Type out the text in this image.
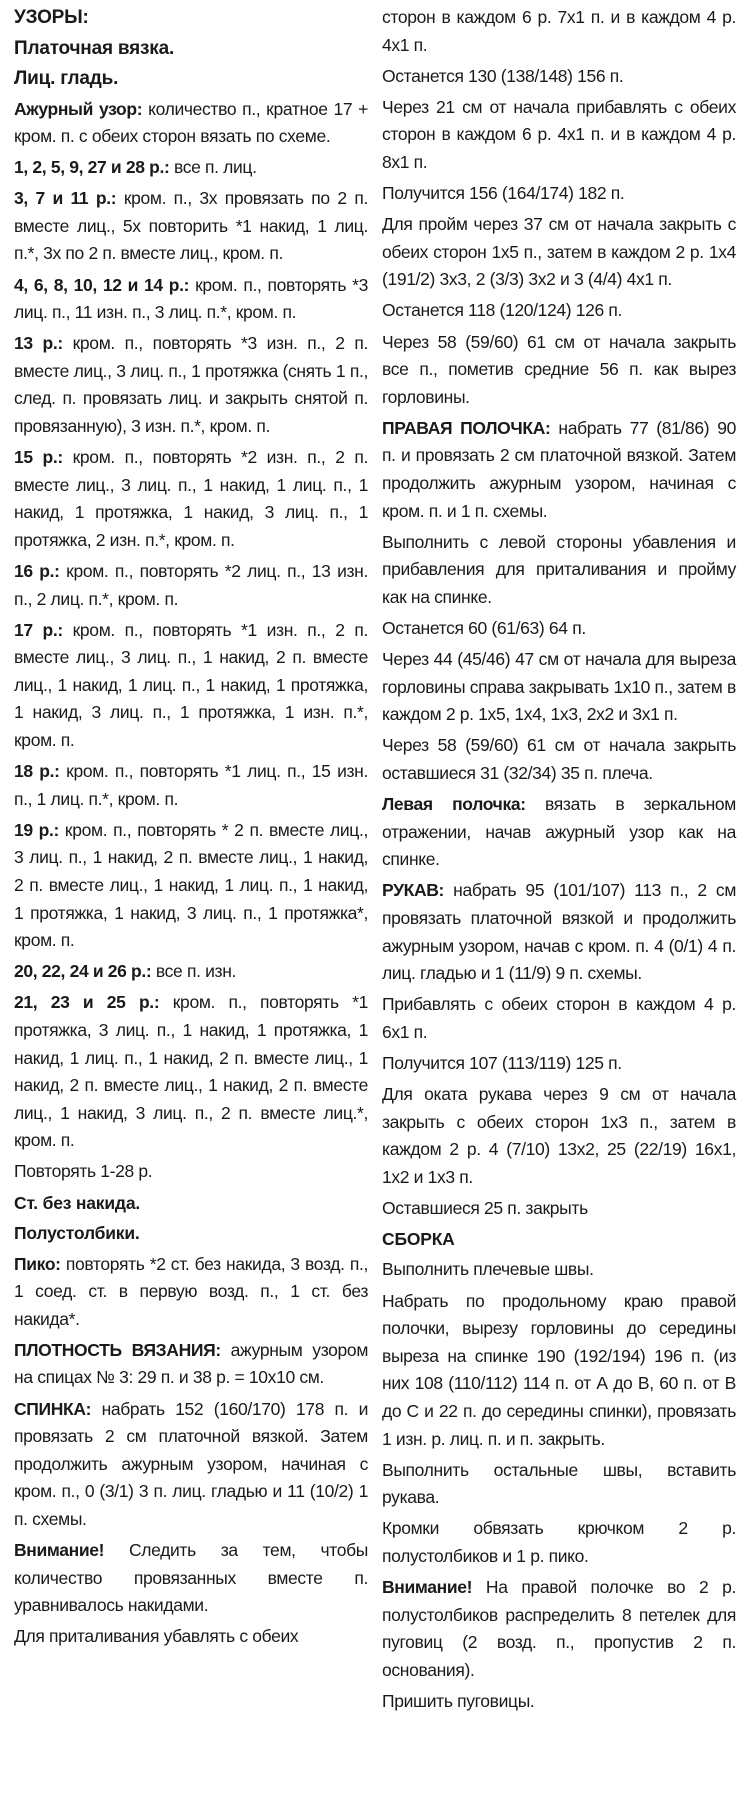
УЗОРЫ:

Платочная вязка.

Лиц. гладь.

Ажурный узор: количество п., кратное 17 + кром. п. с обеих сторон вязать по схеме.

1, 2, 5, 9, 27 и 28 р.: все п. лиц.

3, 7 и 11 р.: кром. п., 3х провязать по 2 п. вместе лиц., 5х повторить *1 накид, 1 лиц. п.*, 3х по 2 п. вместе лиц., кром. п.

4, 6, 8, 10, 12 и 14 р.: кром. п., повторять *3 лиц. п., 11 изн. п., 3 лиц. п.*, кром. п.

13 р.: кром. п., повторять *3 изн. п., 2 п. вместе лиц., 3 лиц. п., 1 протяжка (снять 1 п., след. п. провязать лиц. и закрыть снятой п. провязанную), 3 изн. п.*, кром. п.

15 р.: кром. п., повторять *2 изн. п., 2 п. вместе лиц., 3 лиц. п., 1 накид, 1 лиц. п., 1 накид, 1 протяжка, 1 накид, 3 лиц. п., 1 протяжка, 2 изн. п.*, кром. п.

16 р.: кром. п., повторять *2 лиц. п., 13 изн. п., 2 лиц. п.*, кром. п.

17 р.: кром. п., повторять *1 изн. п., 2 п. вместе лиц., 3 лиц. п., 1 накид, 2 п. вместе лиц., 1 накид, 1 лиц. п., 1 накид, 1 протяжка, 1 накид, 3 лиц. п., 1 протяжка, 1 изн. п.*, кром. п.

18 р.: кром. п., повторять *1 лиц. п., 15 изн. п., 1 лиц. п.*, кром. п.

19 р.: кром. п., повторять * 2 п. вместе лиц., 3 лиц. п., 1 накид, 2 п. вместе лиц., 1 накид, 2 п. вместе лиц., 1 накид, 1 лиц. п., 1 накид, 1 протяжка, 1 накид, 3 лиц. п., 1 протяжка*, кром. п.

20, 22, 24 и 26 р.: все п. изн.

21, 23 и 25 р.: кром. п., повторять *1 протяжка, 3 лиц. п., 1 накид, 1 протяжка, 1 накид, 1 лиц. п., 1 накид, 2 п. вместе лиц., 1 накид, 2 п. вместе лиц., 1 накид, 2 п. вместе лиц., 1 накид, 3 лиц. п., 2 п. вместе лиц.*, кром. п.

Повторять 1-28 р.

Ст. без накида.

Полустолбики.

Пико: повторять *2 ст. без накида, 3 возд. п., 1 соед. ст. в первую возд. п., 1 ст. без накида*.

ПЛОТНОСТЬ ВЯЗАНИЯ: ажурным узором на спицах № 3: 29 п. и 38 р. = 10х10 см.

СПИНКА: набрать 152 (160/170) 178 п. и провязать 2 см платочной вязкой. Затем продолжить ажурным узором, начиная с кром. п., 0 (3/1) 3 п. лиц. гладью и 11 (10/2) 1 п. схемы.

Внимание! Следить за тем, чтобы количество провязанных вместе п. уравнивалось накидами.

Для приталивания убавлять с обеих

сторон в каждом 6 р. 7х1 п. и в каждом 4 р. 4х1 п.

Останется 130 (138/148) 156 п.

Через 21 см от начала прибавлять с обеих сторон в каждом 6 р. 4х1 п. и в каждом 4 р. 8х1 п.

Получится 156 (164/174) 182 п.

Для пройм через 37 см от начала закрыть с обеих сторон 1х5 п., затем в каждом 2 р. 1х4 (191/2) 3х3, 2 (3/3) 3х2 и 3 (4/4) 4х1 п.

Останется 118 (120/124) 126 п.

Через 58 (59/60) 61 см от начала закрыть все п., пометив средние 56 п. как вырез горловины.

ПРАВАЯ ПОЛОЧКА: набрать 77 (81/86) 90 п. и провязать 2 см платочной вязкой. Затем продолжить ажурным узором, начиная с кром. п. и 1 п. схемы.

Выполнить с левой стороны убавления и прибавления для приталивания и пройму как на спинке.

Останется 60 (61/63) 64 п.

Через 44 (45/46) 47 см от начала для выреза горловины справа закрывать 1х10 п., затем в каждом 2 р. 1х5, 1х4, 1х3, 2х2 и 3х1 п.

Через 58 (59/60) 61 см от начала закрыть оставшиеся 31 (32/34) 35 п. плеча.

Левая полочка: вязать в зеркальном отражении, начав ажурный узор как на спинке.

РУКАВ: набрать 95 (101/107) 113 п., 2 см провязать платочной вязкой и продолжить ажурным узором, начав с кром. п. 4 (0/1) 4 п. лиц. гладью и 1 (11/9) 9 п. схемы.

Прибавлять с обеих сторон в каждом 4 р. 6х1 п.

Получится 107 (113/119) 125 п.

Для оката рукава через 9 см от начала закрыть с обеих сторон 1х3 п., затем в каждом 2 р. 4 (7/10) 13х2, 25 (22/19) 16х1, 1х2 и 1х3 п.

Оставшиеся 25 п. закрыть

СБОРКА

Выполнить плечевые швы.

Набрать по продольному краю правой полочки, вырезу горловины до середины выреза на спинке 190 (192/194) 196 п. (из них 108 (110/112) 114 п. от А до В, 60 п. от В до С и 22 п. до середины спинки), провязать 1 изн. р. лиц. п. и п. закрыть.

Выполнить остальные швы, вставить рукава.

Кромки обвязать крючком 2 р. полустолбиков и 1 р. пико.

Внимание! На правой полочке во 2 р. полустолбиков распределить 8 петелек для пуговиц (2 возд. п., пропустив 2 п. основания).

Пришить пуговицы.
